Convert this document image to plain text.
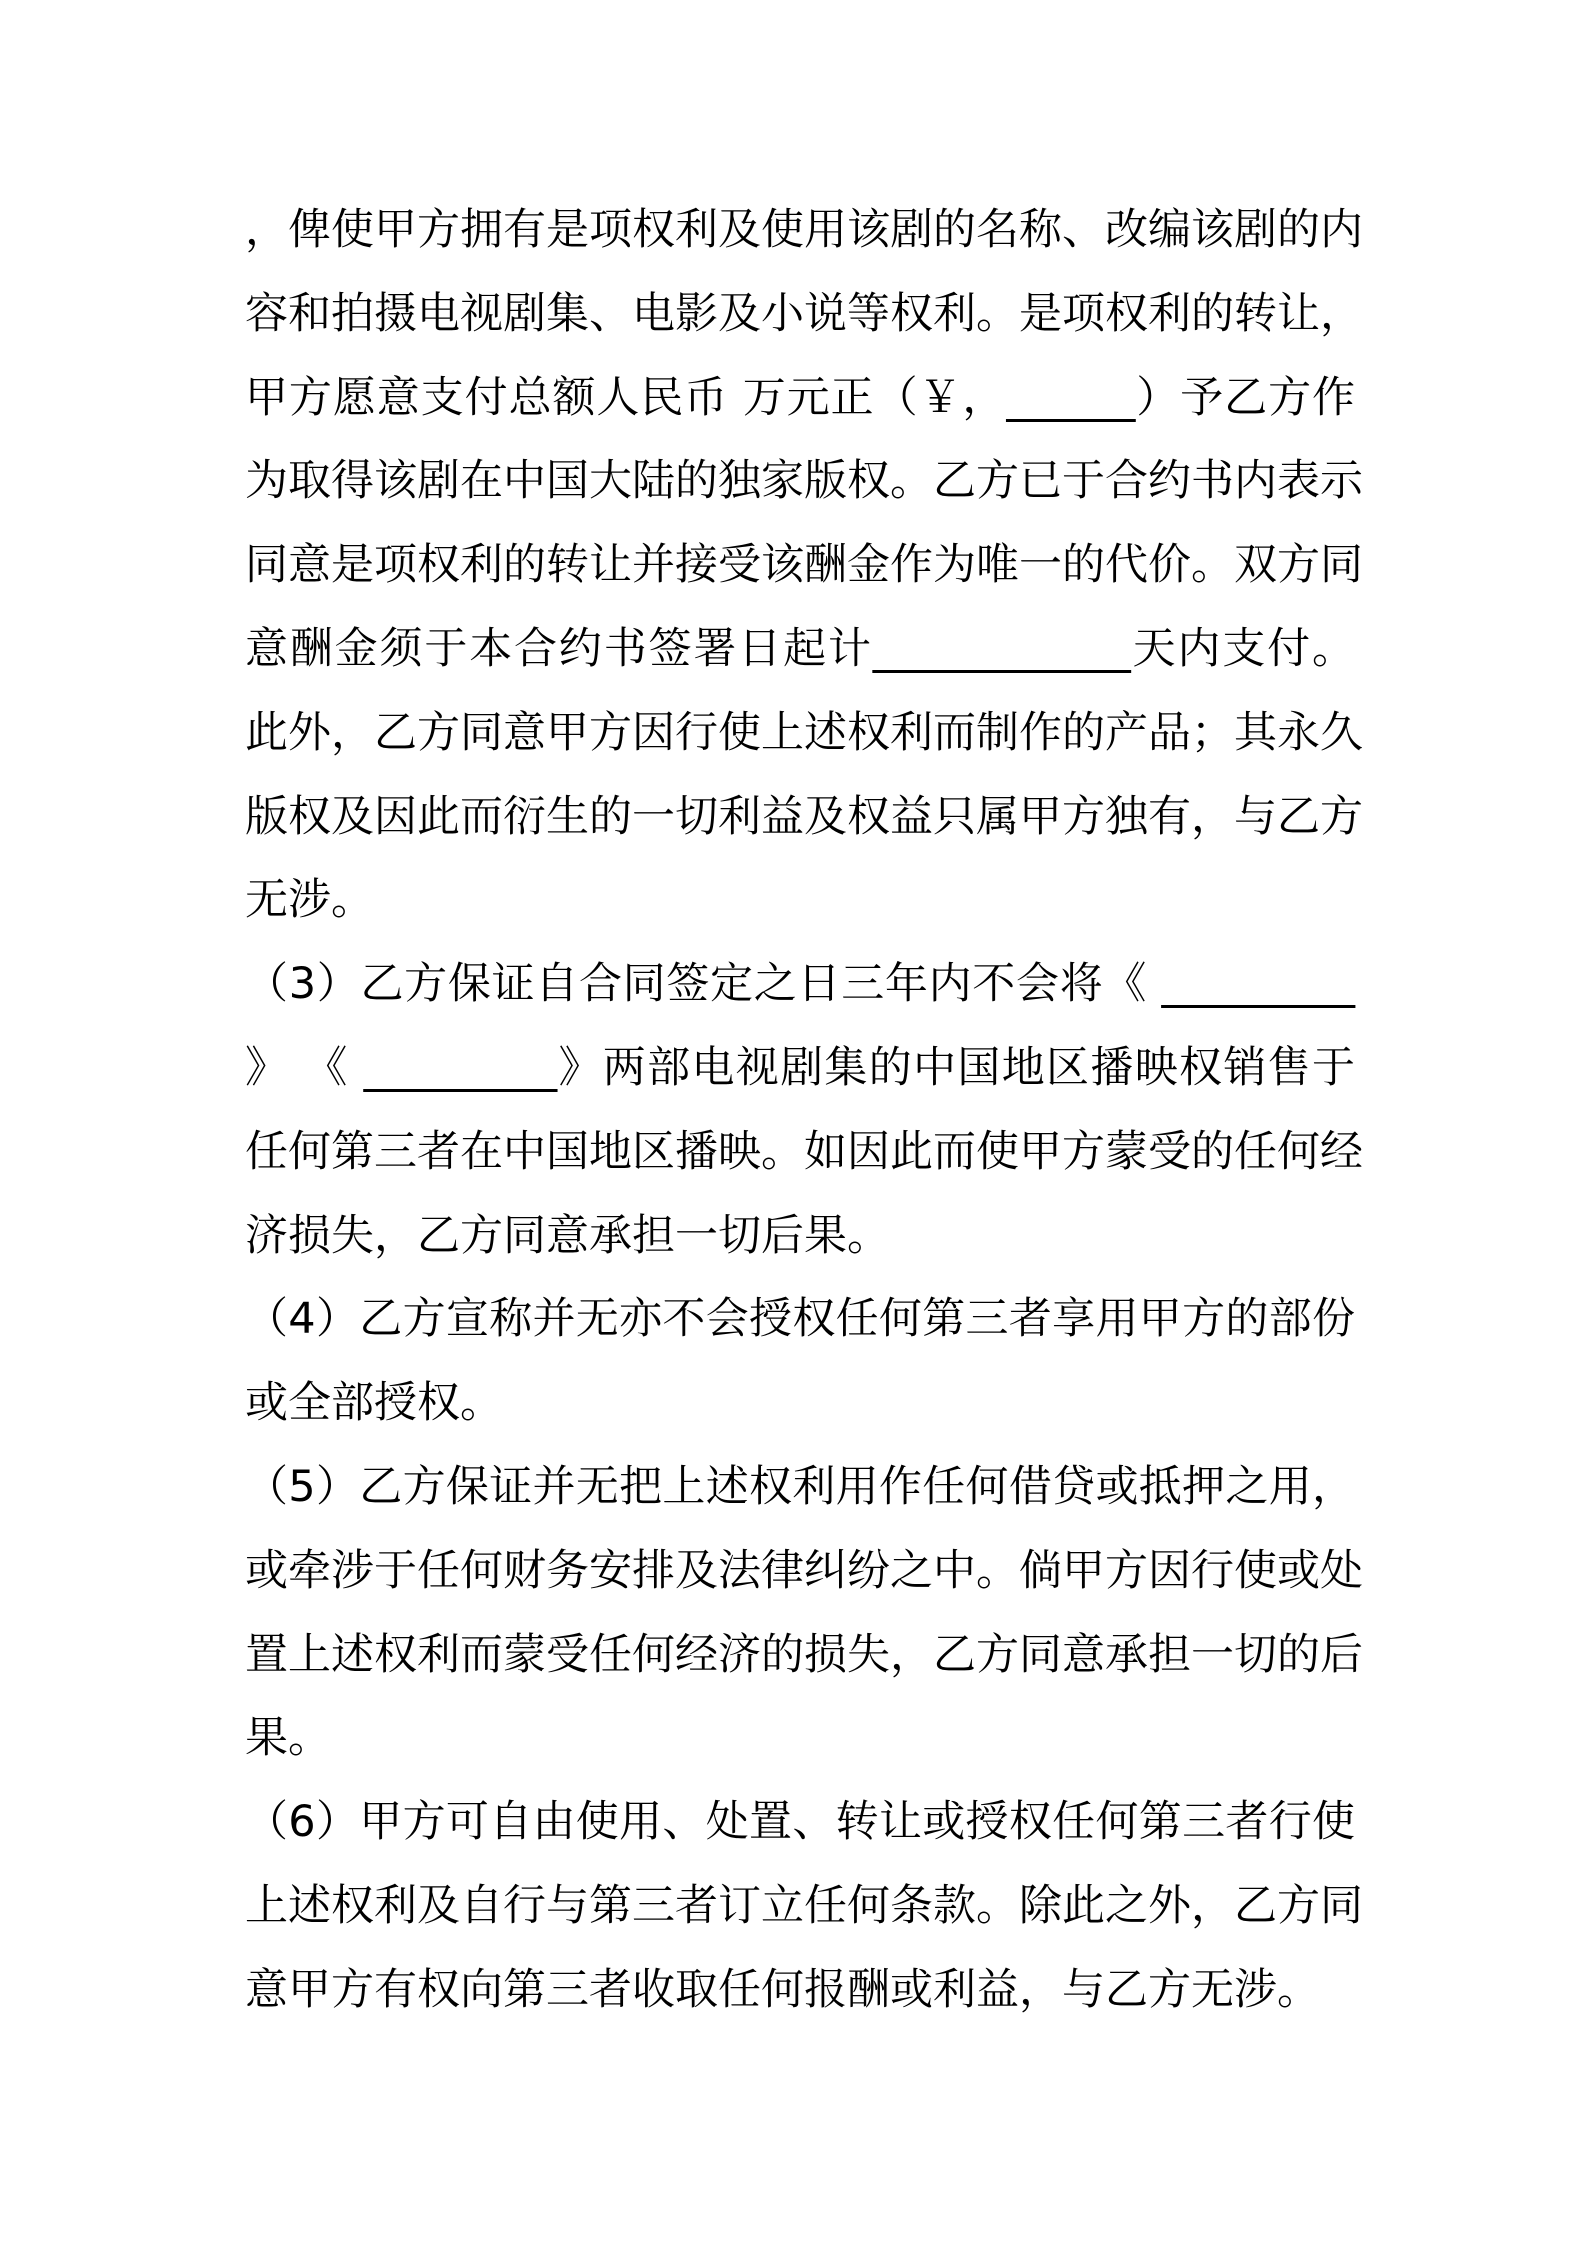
，俾使甲方拥有是项权利及使用该剧的名称、改编该剧的内
容和拍摄电视剧集、电影及小说等权利。是项权利的转让，
甲方愿意支付总额人民币 万元正（￥，______）予乙方作
为取得该剧在中国大陆的独家版权。乙方已于合约书内表示
同意是项权利的转让并接受该酬金作为唯一的代价。双方同
意酬金须于本合约书签署日起计____________天内支付。
此外，乙方同意甲方因行使上述权利而制作的产品；其永久
版权及因此而衍生的一切利益及权益只属甲方独有，与乙方
无涉。
（3）乙方保证自合同签定之日三年内不会将《 _________
》 《 _________》两部电视剧集的中国地区播映权销售于
任何第三者在中国地区播映。如因此而使甲方蒙受的任何经
济损失，乙方同意承担一切后果。
（4）乙方宣称并无亦不会授权任何第三者享用甲方的部份
或全部授权。
（5）乙方保证并无把上述权利用作任何借贷或抵押之用，
或牵涉于任何财务安排及法律纠纷之中。倘甲方因行使或处
置上述权利而蒙受任何经济的损失，乙方同意承担一切的后
果。
（6）甲方可自由使用、处置、转让或授权任何第三者行使
上述权利及自行与第三者订立任何条款。除此之外，乙方同
意甲方有权向第三者收取任何报酬或利益，与乙方无涉。
